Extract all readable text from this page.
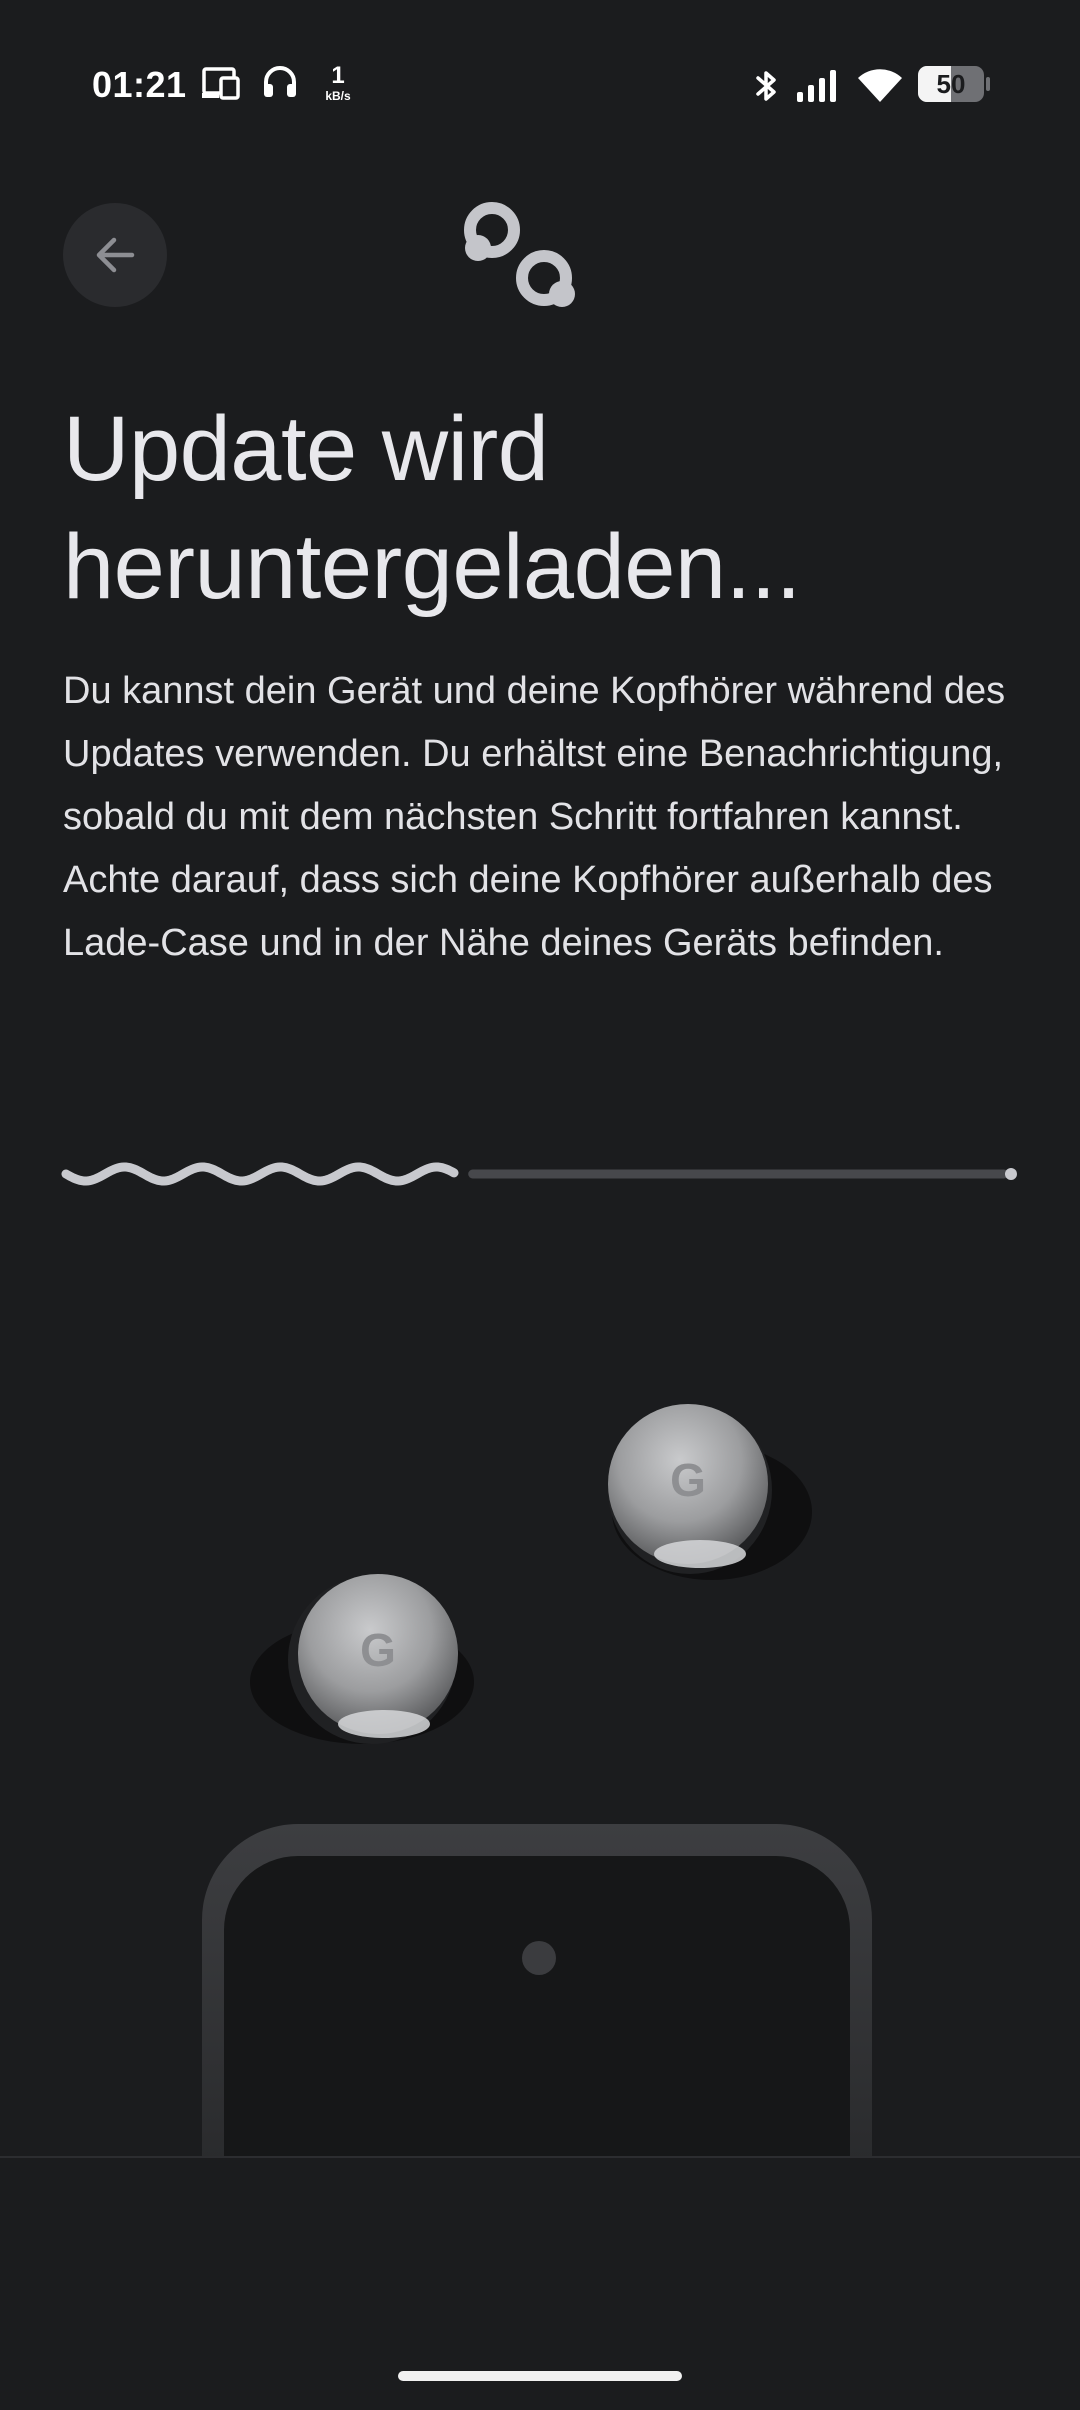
01:21	1
kB/s	50
Update wird heruntergeladen...

Du kannst dein Gerät und deine Kopfhörer während des Updates verwenden. Du erhältst eine Benachrichtigung, sobald du mit dem nächsten Schritt fortfahren kannst. Achte darauf, dass sich deine Kopfhörer außerhalb des Lade-Case und in der Nähe deines Geräts befinden.

G
G
